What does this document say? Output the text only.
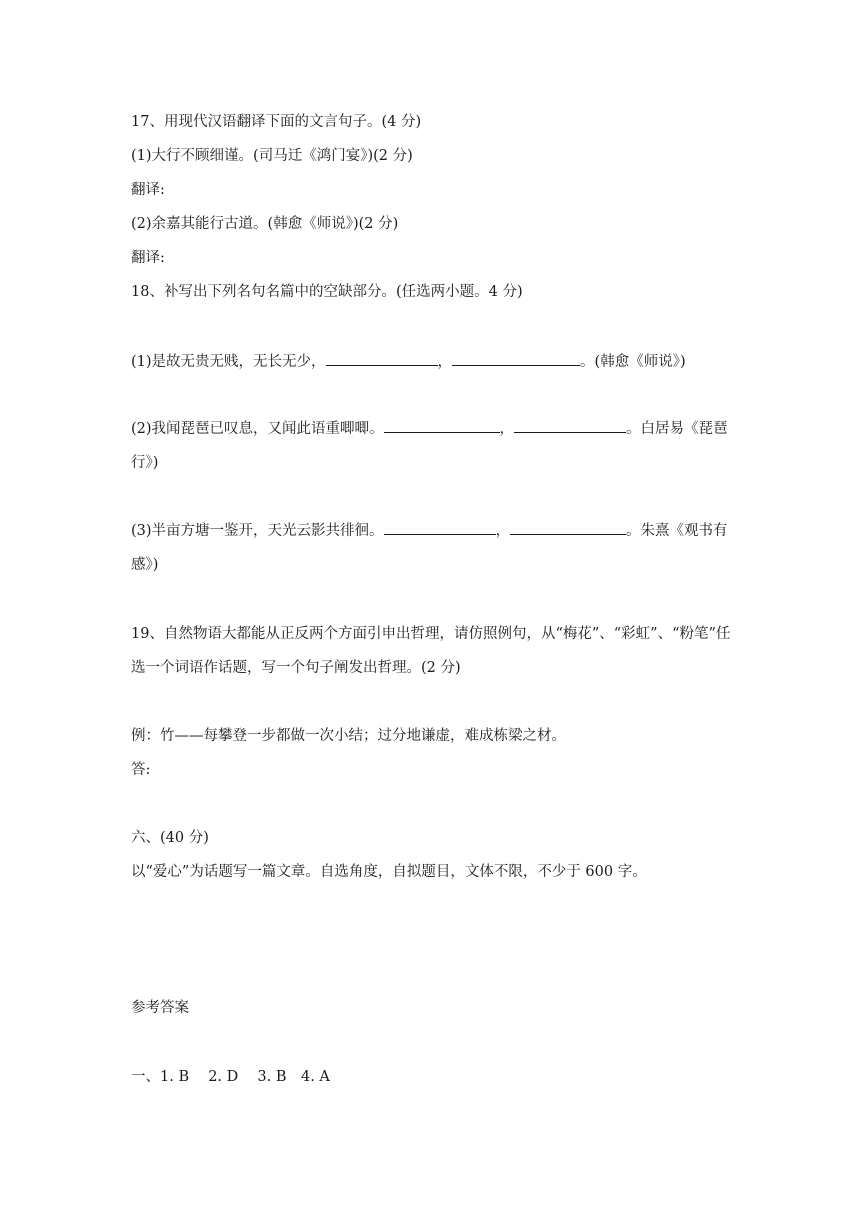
17、用现代汉语翻译下面的文言句子。(4 分)
(1)大行不顾细谨。(司马迁《鸿门宴》)(2 分)
翻译:
(2)余嘉其能行古道。(韩愈《师说》)(2 分)
翻译:
18、补写出下列名句名篇中的空缺部分。(任选两小题。4 分)
(1)是故无贵无贱，无长无少，	，	。(韩愈《师说》)
(2)我闻琵琶已叹息，又闻此语重唧唧。	，	。白居易《琵琶行》)
(3)半亩方塘一鉴开，天光云影共徘徊。	，	。朱熹《观书有感》)
19、自然物语大都能从正反两个方面引申出哲理，请仿照例句，从“梅花”、“彩虹”、“粉笔”任选一个词语作话题，写一个句子阐发出哲理。(2 分)
例：竹——每攀登一步都做一次小结；过分地谦虚，难成栋梁之材。
答:
六、(40 分)
以“爱心”为话题写一篇文章。自选角度，自拟题目，文体不限，不少于 600 字。
参考答案
一、1. B　 2. D　 3. B　4. A
